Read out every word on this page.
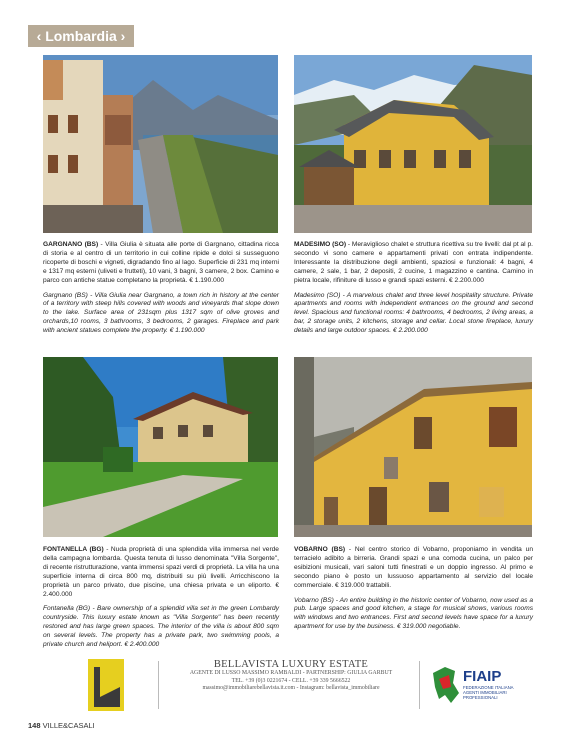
‹ Lombardia ›

GARGNANO (BS) - Villa Giulia è situata alle porte di Gargnano, cittadina ricca di storia e al centro di un territorio in cui colline ripide e dolci si susseguono ricoperte di boschi e vigneti, digradando fino al lago. Superficie di 231 mq interni e 1317 mq esterni (uliveti e frutteti), 10 vani, 3 bagni, 3 camere, 2 box. Camino e parco con antiche statue completano la proprietà. € 1.190.000

Gargnano (BS) - Villa Giulia near Gargnano, a town rich in history at the center of a territory with steep hills covered with woods and vineyards that slope down to the lake. Surface area of 231sqm plus 1317 sqm of olive groves and orchards,10 rooms, 3 bathrooms, 3 bedrooms, 2 garages. Fireplace and park with ancient statues complete the property. € 1.190.000

MADESIMO (SO) - Meraviglioso chalet e struttura ricettiva su tre livelli: dal pt al p. secondo vi sono camere e appartamenti privati con entrata indipendente. Interessante la distribuzione degli ambienti, spaziosi e funzionali: 4 bagni, 4 camere, 2 sale, 1 bar, 2 depositi, 2 cucine, 1 magazzino e cantina. Camino in pietra locale, rifiniture di lusso e grandi spazi esterni. € 2.200.000

Madesimo (SO) - A marvelous chalet and three level hospitality structure. Private apartments and rooms with independent entrances on the ground and second level. Spacious and functional rooms: 4 bathrooms, 4 bedrooms, 2 living areas, a bar, 2 storage units, 2 kitchens, storage and cellar. Local stone fireplace, luxury details and large outdoor spaces. € 2.200.000

FONTANELLA (BG) - Nuda proprietà di una splendida villa immersa nel verde della campagna lombarda. Questa tenuta di lusso denominata "Villa Sorgente", di recente ristrutturazione, vanta immensi spazi verdi di proprietà. La villa ha una superficie interna di circa 800 mq, distribuiti su più livelli. Arricchiscono la proprietà un parco privato, due piscine, una chiesa privata e un eliporto. € 2.400.000

Fontanella (BG) - Bare ownership of a splendid villa set in the green Lombardy countryside. This luxury estate known as "Villa Sorgente" has been recently restored and has large green spaces. The interior of the villa is about 800 sqm on several levels. The property has a private park, two swimming pools, a private church and heliport. € 2.400.000

VOBARNO (BS) - Nel centro storico di Vobarno, proponiamo in vendita un terracielo adibito a birreria. Grandi spazi e una comoda cucina, un palco per esibizioni musicali, vari saloni tutti finestrati e un doppio ingresso. Al primo e secondo piano è posto un lussuoso appartamento al servizio del locale commerciale. € 319.000 trattabili.

Vobarno (BS) - An entire building in the historic center of Vobarno, now used as a pub. Large spaces and good kitchen, a stage for musical shows, various rooms with windows and two entrances. First and second levels have space for a luxury apartment for use by the business. € 319.000 negotiable.

BELLAVISTA LUXURY ESTATE
AGENTE DI LUSSO MASSIMO RAMBALDI - PARTNERSHIP: GIULIA GARBUT
TEL. +39 (0)3 0221674 - CELL. +39 339 5666522
massimo@immobiliarebellavista.it.com - Instagram: bellavista_immobiliare
FIAIP
FEDERAZIONE ITALIANA
AGENTI IMMOBILIARI
PROFESSIONALI
148 VILLE&CASALI
